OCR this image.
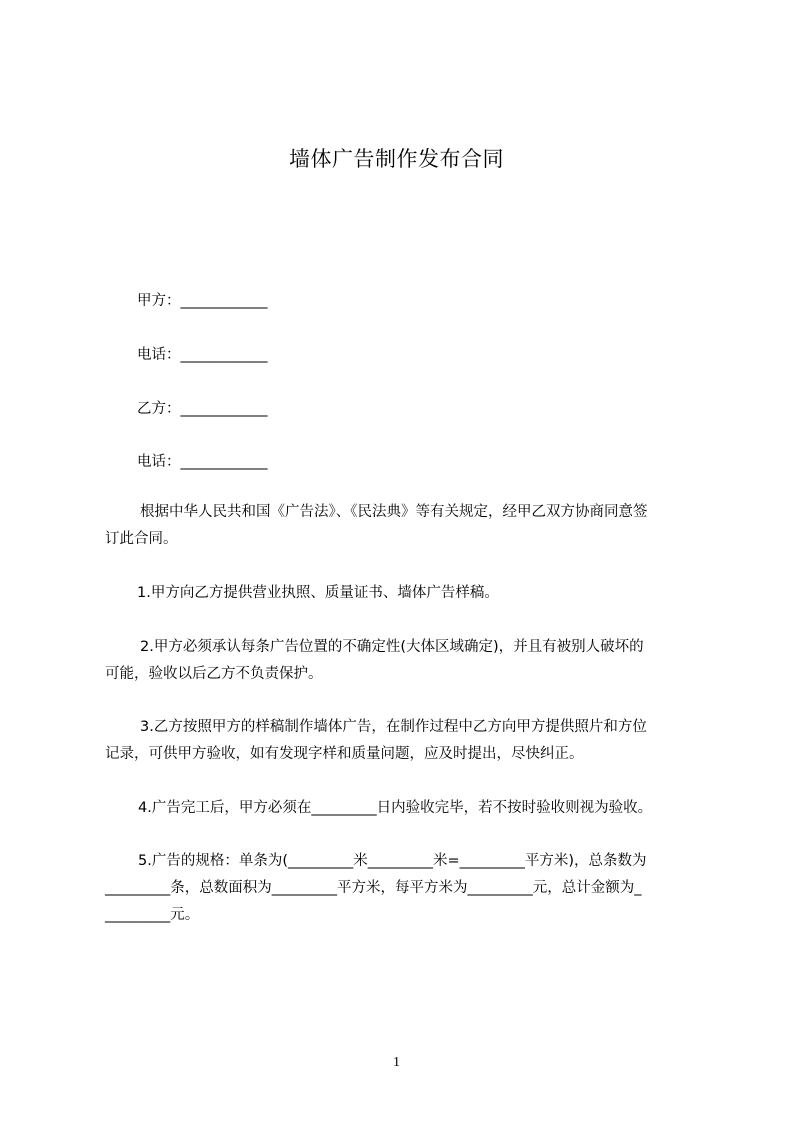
墙体广告制作发布合同
甲方：____________
电话：____________
乙方：____________
电话：____________
根据中华人民共和国《广告法》、《民法典》等有关规定，经甲乙双方协商同意签
订此合同。
1.甲方向乙方提供营业执照、质量证书、墙体广告样稿。
2.甲方必须承认每条广告位置的不确定性(大体区域确定)，并且有被别人破坏的
可能，验收以后乙方不负责保护。
3.乙方按照甲方的样稿制作墙体广告，在制作过程中乙方向甲方提供照片和方位
记录，可供甲方验收，如有发现字样和质量问题，应及时提出，尽快纠正。
4.广告完工后，甲方必须在_________日内验收完毕，若不按时验收则视为验收。
5.广告的规格：单条为(_________米_________米=_________平方米)，总条数为
_________条，总数面积为_________平方米，每平方米为_________元，总计金额为_
_________元。
1
